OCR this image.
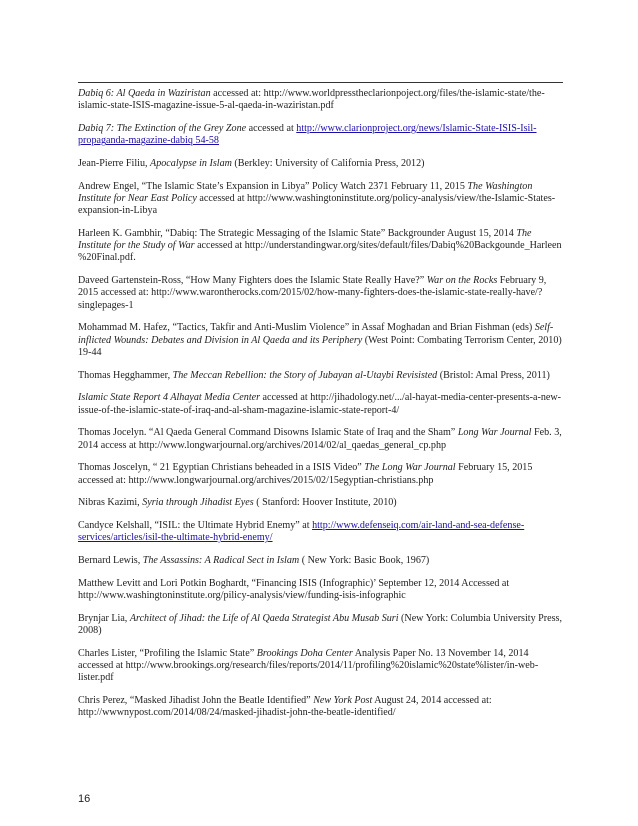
Dabiq 6: Al Qaeda in Waziristan accessed at: http://www.worldpresstheclarionpoject.org/files/the-islamic-state/the-islamic-state-ISIS-magazine-issue-5-al-qaeda-in-waziristan.pdf

Dabiq 7: The Extinction of the Grey Zone accessed at http://www.clarionproject.org/news/Islamic-State-ISIS-Isil-propaganda-magazine-dabiq 54-58

Jean-Pierre Filiu, Apocalypse in Islam (Berkley: University of California Press, 2012)

Andrew Engel, “The Islamic State’s Expansion in Libya” Policy Watch 2371 February 11, 2015 The Washington Institute for Near East Policy accessed at http://www.washingtoninstitute.org/policy-analysis/view/the-Islamic-States-expansion-in-Libya

Harleen K. Gambhir, “Dabiq: The Strategic Messaging of the Islamic State” Backgrounder August 15, 2014 The Institute for the Study of War accessed at http://understandingwar.org/sites/default/files/Dabiq%20Backgounde_Harleen %20Final.pdf.

Daveed Gartenstein-Ross, “How Many Fighters does the Islamic State Really Have?” War on the Rocks February 9, 2015 accessed at: http://www.warontherocks.com/2015/02/how-many-fighters-does-the-islamic-state-really-have/?singlepages-1

Mohammad M. Hafez, “Tactics, Takfir and Anti-Muslim Violence” in Assaf Moghadan and Brian Fishman (eds) Self-inflicted Wounds: Debates and Division in Al Qaeda and its Periphery (West Point: Combating Terrorism Center, 2010) 19-44

Thomas Hegghammer, The Meccan Rebellion: the Story of Jubayan al-Utaybi Revisisted (Bristol: Amal Press, 2011)

Islamic State Report 4 Alhayat Media Center accessed at http://jihadology.net/.../al-hayat-media-center-presents-a-new-issue-of-the-islamic-state-of-iraq-and-al-sham-magazine-islamic-state-report-4/

Thomas Jocelyn. “Al Qaeda General Command Disowns Islamic State of Iraq and the Sham” Long War Journal Feb. 3, 2014 access at http://www.longwarjournal.org/archives/2014/02/al_qaedas_general_cp.php

Thomas Joscelyn, “ 21 Egyptian Christians beheaded in a ISIS Video” The Long War Journal February 15, 2015 accessed at: http://www.longwarjournal.org/archives/2015/02/15egyptian-christians.php

Nibras Kazimi, Syria through Jihadist Eyes ( Stanford: Hoover Institute, 2010)

Candyce Kelshall, “ISIL: the Ultimate Hybrid Enemy” at http://www.defenseiq.com/air-land-and-sea-defense-services/articles/isil-the-ultimate-hybrid-enemy/

Bernard Lewis, The Assassins: A Radical Sect in Islam ( New York: Basic Book, 1967)

Matthew Levitt and Lori Potkin Boghardt, “Financing ISIS (Infographic)’ September 12, 2014 Accessed at http://www.washingtoninstitute.org/pilicy-analysis/view/funding-isis-infographic

Brynjar Lia, Architect of Jihad: the Life of Al Qaeda Strategist Abu Musab Suri (New York: Columbia University Press, 2008)

Charles Lister, “Profiling the Islamic State” Brookings Doha Center Analysis Paper No. 13 November 14, 2014 accessed at http://www.brookings.org/research/files/reports/2014/11/profiling%20islamic%20state%lister/in-web-lister.pdf

Chris Perez, “Masked Jihadist John the Beatle Identified” New York Post August 24, 2014 accessed at: http://wwwnypost.com/2014/08/24/masked-jihadist-john-the-beatle-identified/

16
